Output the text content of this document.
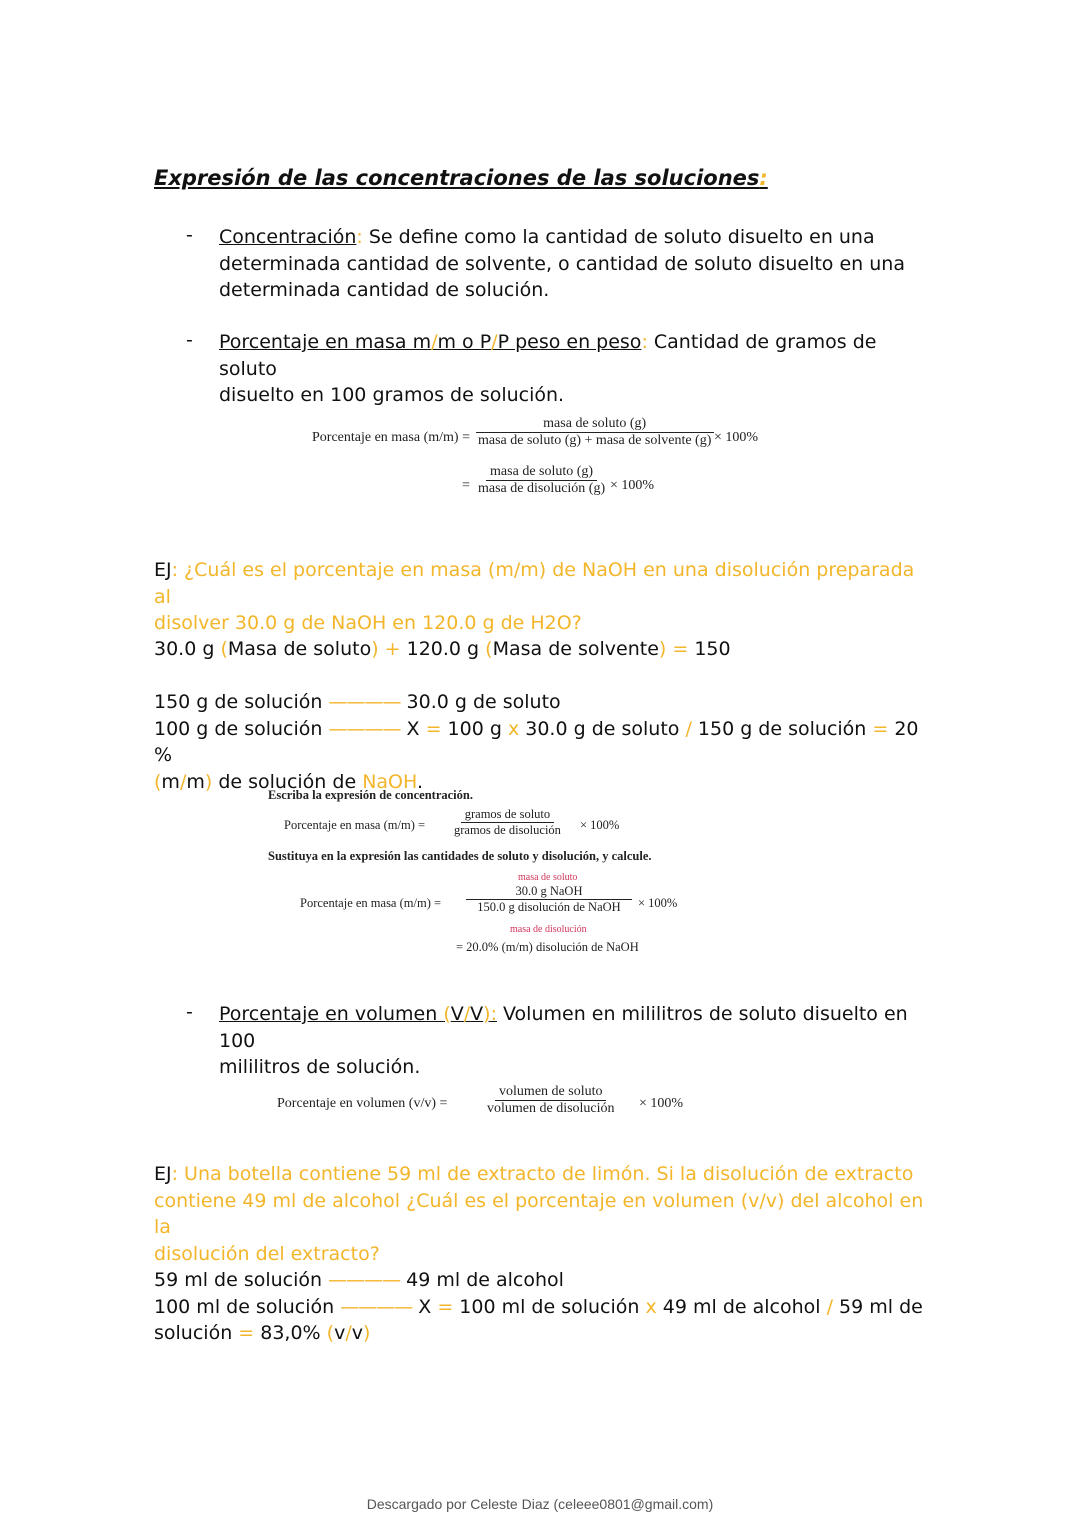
Expresión de las concentraciones de las soluciones:
- Concentración: Se define como la cantidad de soluto disuelto en una
determinada cantidad de solvente, o cantidad de soluto disuelto en una
determinada cantidad de solución.
- Porcentaje en masa m/m o P/P peso en peso: Cantidad de gramos de soluto
disuelto en 100 gramos de solución.
Porcentaje en masa (m/m) =
masa de soluto (g)
masa de soluto (g) + masa de solvente (g) × 100%
=
masa de soluto (g)
masa de disolución (g) × 100%
EJ: ¿Cuál es el porcentaje en masa (m/m) de NaOH en una disolución preparada al
disolver 30.0 g de NaOH en 120.0 g de H2O?
30.0 g (Masa de soluto) + 120.0 g (Masa de solvente) = 150
150 g de solución ———— 30.0 g de soluto
100 g de solución ———— X = 100 g x 30.0 g de soluto / 150 g de solución = 20 %
(m/m) de solución de NaOH.
Escriba la expresión de concentración.
Porcentaje en masa (m/m) =
gramos de soluto
gramos de disolución	× 100%
Sustituya en la expresión las cantidades de soluto y disolución, y calcule.
masa de soluto
Porcentaje en masa (m/m) =
30.0 g NaOH
150.0 g disolución de NaOH	× 100%
masa de disolución
= 20.0% (m/m) disolución de NaOH
- Porcentaje en volumen (V/V): Volumen en mililitros de soluto disuelto en 100
mililitros de solución.
Porcentaje en volumen (v/v) =
volumen de soluto
volumen de disolución × 100%
EJ: Una botella contiene 59 ml de extracto de limón. Si la disolución de extracto
contiene 49 ml de alcohol ¿Cuál es el porcentaje en volumen (v/v) del alcohol en la
disolución del extracto?
59 ml de solución ———— 49 ml de alcohol
100 ml de solución ———— X = 100 ml de solución x 49 ml de alcohol / 59 ml de
solución = 83,0% (v/v)
Descargado por Celeste Diaz (celeee0801@gmail.com)
